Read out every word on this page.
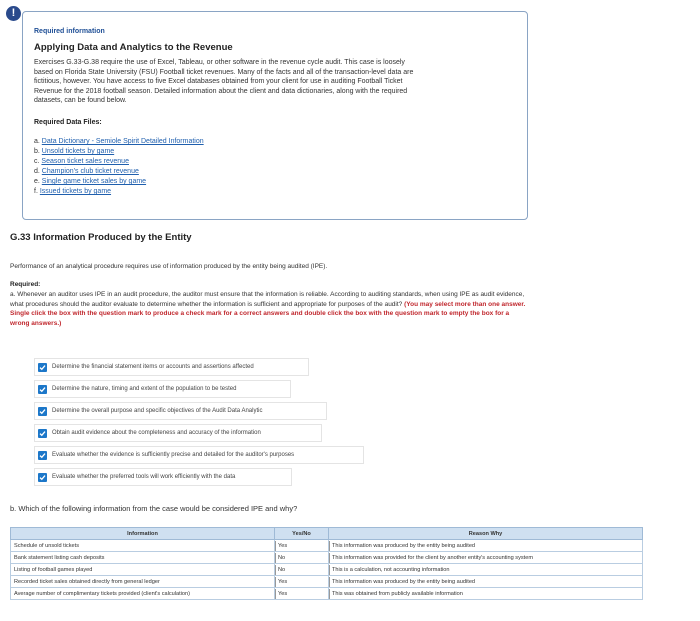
!
Required information
Applying Data and Analytics to the Revenue
Exercises G.33-G.38 require the use of Excel, Tableau, or other software in the revenue cycle audit. This case is loosely
based on Florida State University (FSU) Football ticket revenues. Many of the facts and all of the transaction-level data are
fictitious, however. You have access to five Excel databases obtained from your client for use in auditing Football Ticket
Revenue for the 2018 football season. Detailed information about the client and data dictionaries, along with the required
datasets, can be found below.
Required Data Files:
a. Data Dictionary - Semiole Spirit Detailed Information
b. Unsold tickets by game
c. Season ticket sales revenue
d. Champion's club ticket revenue
e. Single game ticket sales by game
f. Issued tickets by game
G.33 Information Produced by the Entity
Performance of an analytical procedure requires use of information produced by the entity being audited (IPE).
Required:
a. Whenever an auditor uses IPE in an audit procedure, the auditor must ensure that the information is reliable. According to auditing standards, when using IPE as audit evidence, what procedures should the auditor evaluate to determine whether the information is sufficient and appropriate for purposes of the audit? (You may select more than one answer. Single click the box with the question mark to produce a check mark for a correct answers and double click the box with the question mark to empty the box for a wrong answers.)
Determine the financial statement items or accounts and assertions affected
Determine the nature, timing and extent of the population to be tested
Determine the overall purpose and specific objectives of the Audit Data Analytic
Obtain audit evidence about the completeness and accuracy of the information
Evaluate whether the evidence is sufficiently precise and detailed for the auditor's purposes
Evaluate whether the preferred tools will work efficiently with the data
b. Which of the following information from the case would be considered IPE and why?
Information	Yes/No	Reason Why
Schedule of unsold tickets	Yes	This information was produced by the entity being audited

Bank statement listing cash deposits	No	This information was provided for the client by another entity's accounting system

Listing of football games played	No	This is a calculation, not accounting information

Recorded ticket sales obtained directly from general ledger	Yes	This information was produced by the entity being audited

Average number of complimentary tickets provided (client's calculation)	Yes	This was obtained from publicly available information
